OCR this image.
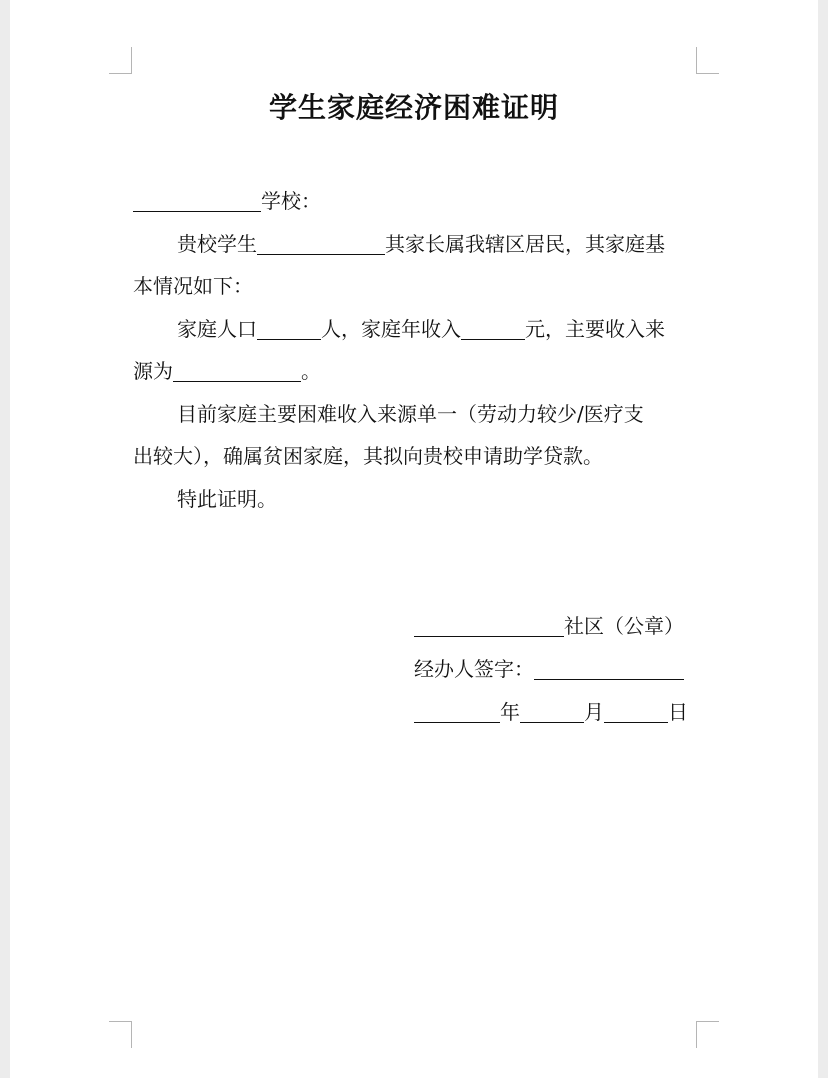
学生家庭经济困难证明
学校：
贵校学生	其家长属我辖区居民，其家庭基
本情况如下：
家庭人口	人，家庭年收入	元，主要收入来
源为	。
目前家庭主要困难收入来源单一（劳动力较少/医疗支
出较大），确属贫困家庭，其拟向贵校申请助学贷款。
特此证明。
社区（公章）
经办人签字：
年	月	日
